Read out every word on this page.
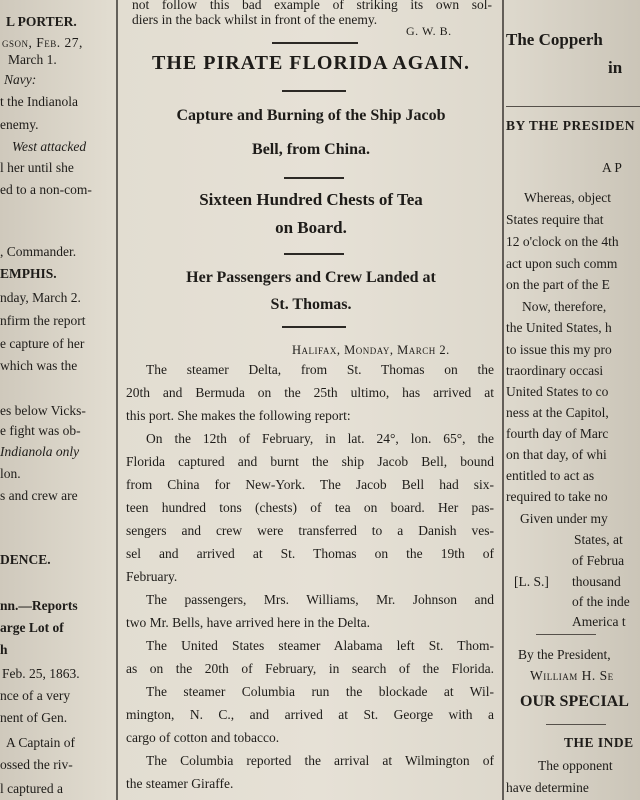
L PORTER.
gson, Feb. 27,
March 1.
Navy:
t the Indianola
enemy.
West attacked
l her until she
ed to a non-com-
, Commander.
EMPHIS.
nday, March 2.
nfirm the report
e capture of her
which was the
es below Vicks-
e fight was ob-
Indianola only
lon.
s and crew are
DENCE.
nn.—Reports
arge Lot of
h
Feb. 25, 1863.
nce of a very
nent of Gen.
A Captain of
ossed the riv-
l captured a
not follow this bad example of striking its own sol-
diers in the back whilst in front of the enemy.
G. W. B.
THE PIRATE FLORIDA AGAIN.
Capture and Burning of the Ship Jacob
Bell, from China.
Sixteen Hundred Chests of Tea
on Board.
Her Passengers and Crew Landed at
St. Thomas.
Halifax, Monday, March 2.
The steamer Delta, from St. Thomas on the
20th and Bermuda on the 25th ultimo, has arrived at
this port. She makes the following report:
On the 12th of February, in lat. 24°, lon. 65°, the
Florida captured and burnt the ship Jacob Bell, bound
from China for New-York. The Jacob Bell had six-
teen hundred tons (chests) of tea on board. Her pas-
sengers and crew were transferred to a Danish ves-
sel and arrived at St. Thomas on the 19th of
February.
The passengers, Mrs. Williams, Mr. Johnson and
two Mr. Bells, have arrived here in the Delta.
The United States steamer Alabama left St. Thom-
as on the 20th of February, in search of the Florida.
The steamer Columbia run the blockade at Wil-
mington, N. C., and arrived at St. George with a
cargo of cotton and tobacco.
The Columbia reported the arrival at Wilmington of
the steamer Giraffe.
The Copperh
in
BY THE PRESIDEN
A P
Whereas, object
States require that
12 o'clock on the 4th
act upon such comm
on the part of the E
Now, therefore,
the United States, h
to issue this my pro
traordinary occasi
United States to co
ness at the Capitol,
fourth day of Marc
on that day, of whi
entitled to act as
required to take no
Given under my
States, at
of Februa
[L. S.] thousand
of the inde
America t
By the President,
William H. Se
OUR SPECIAL
THE INDE
The opponent
have determine
